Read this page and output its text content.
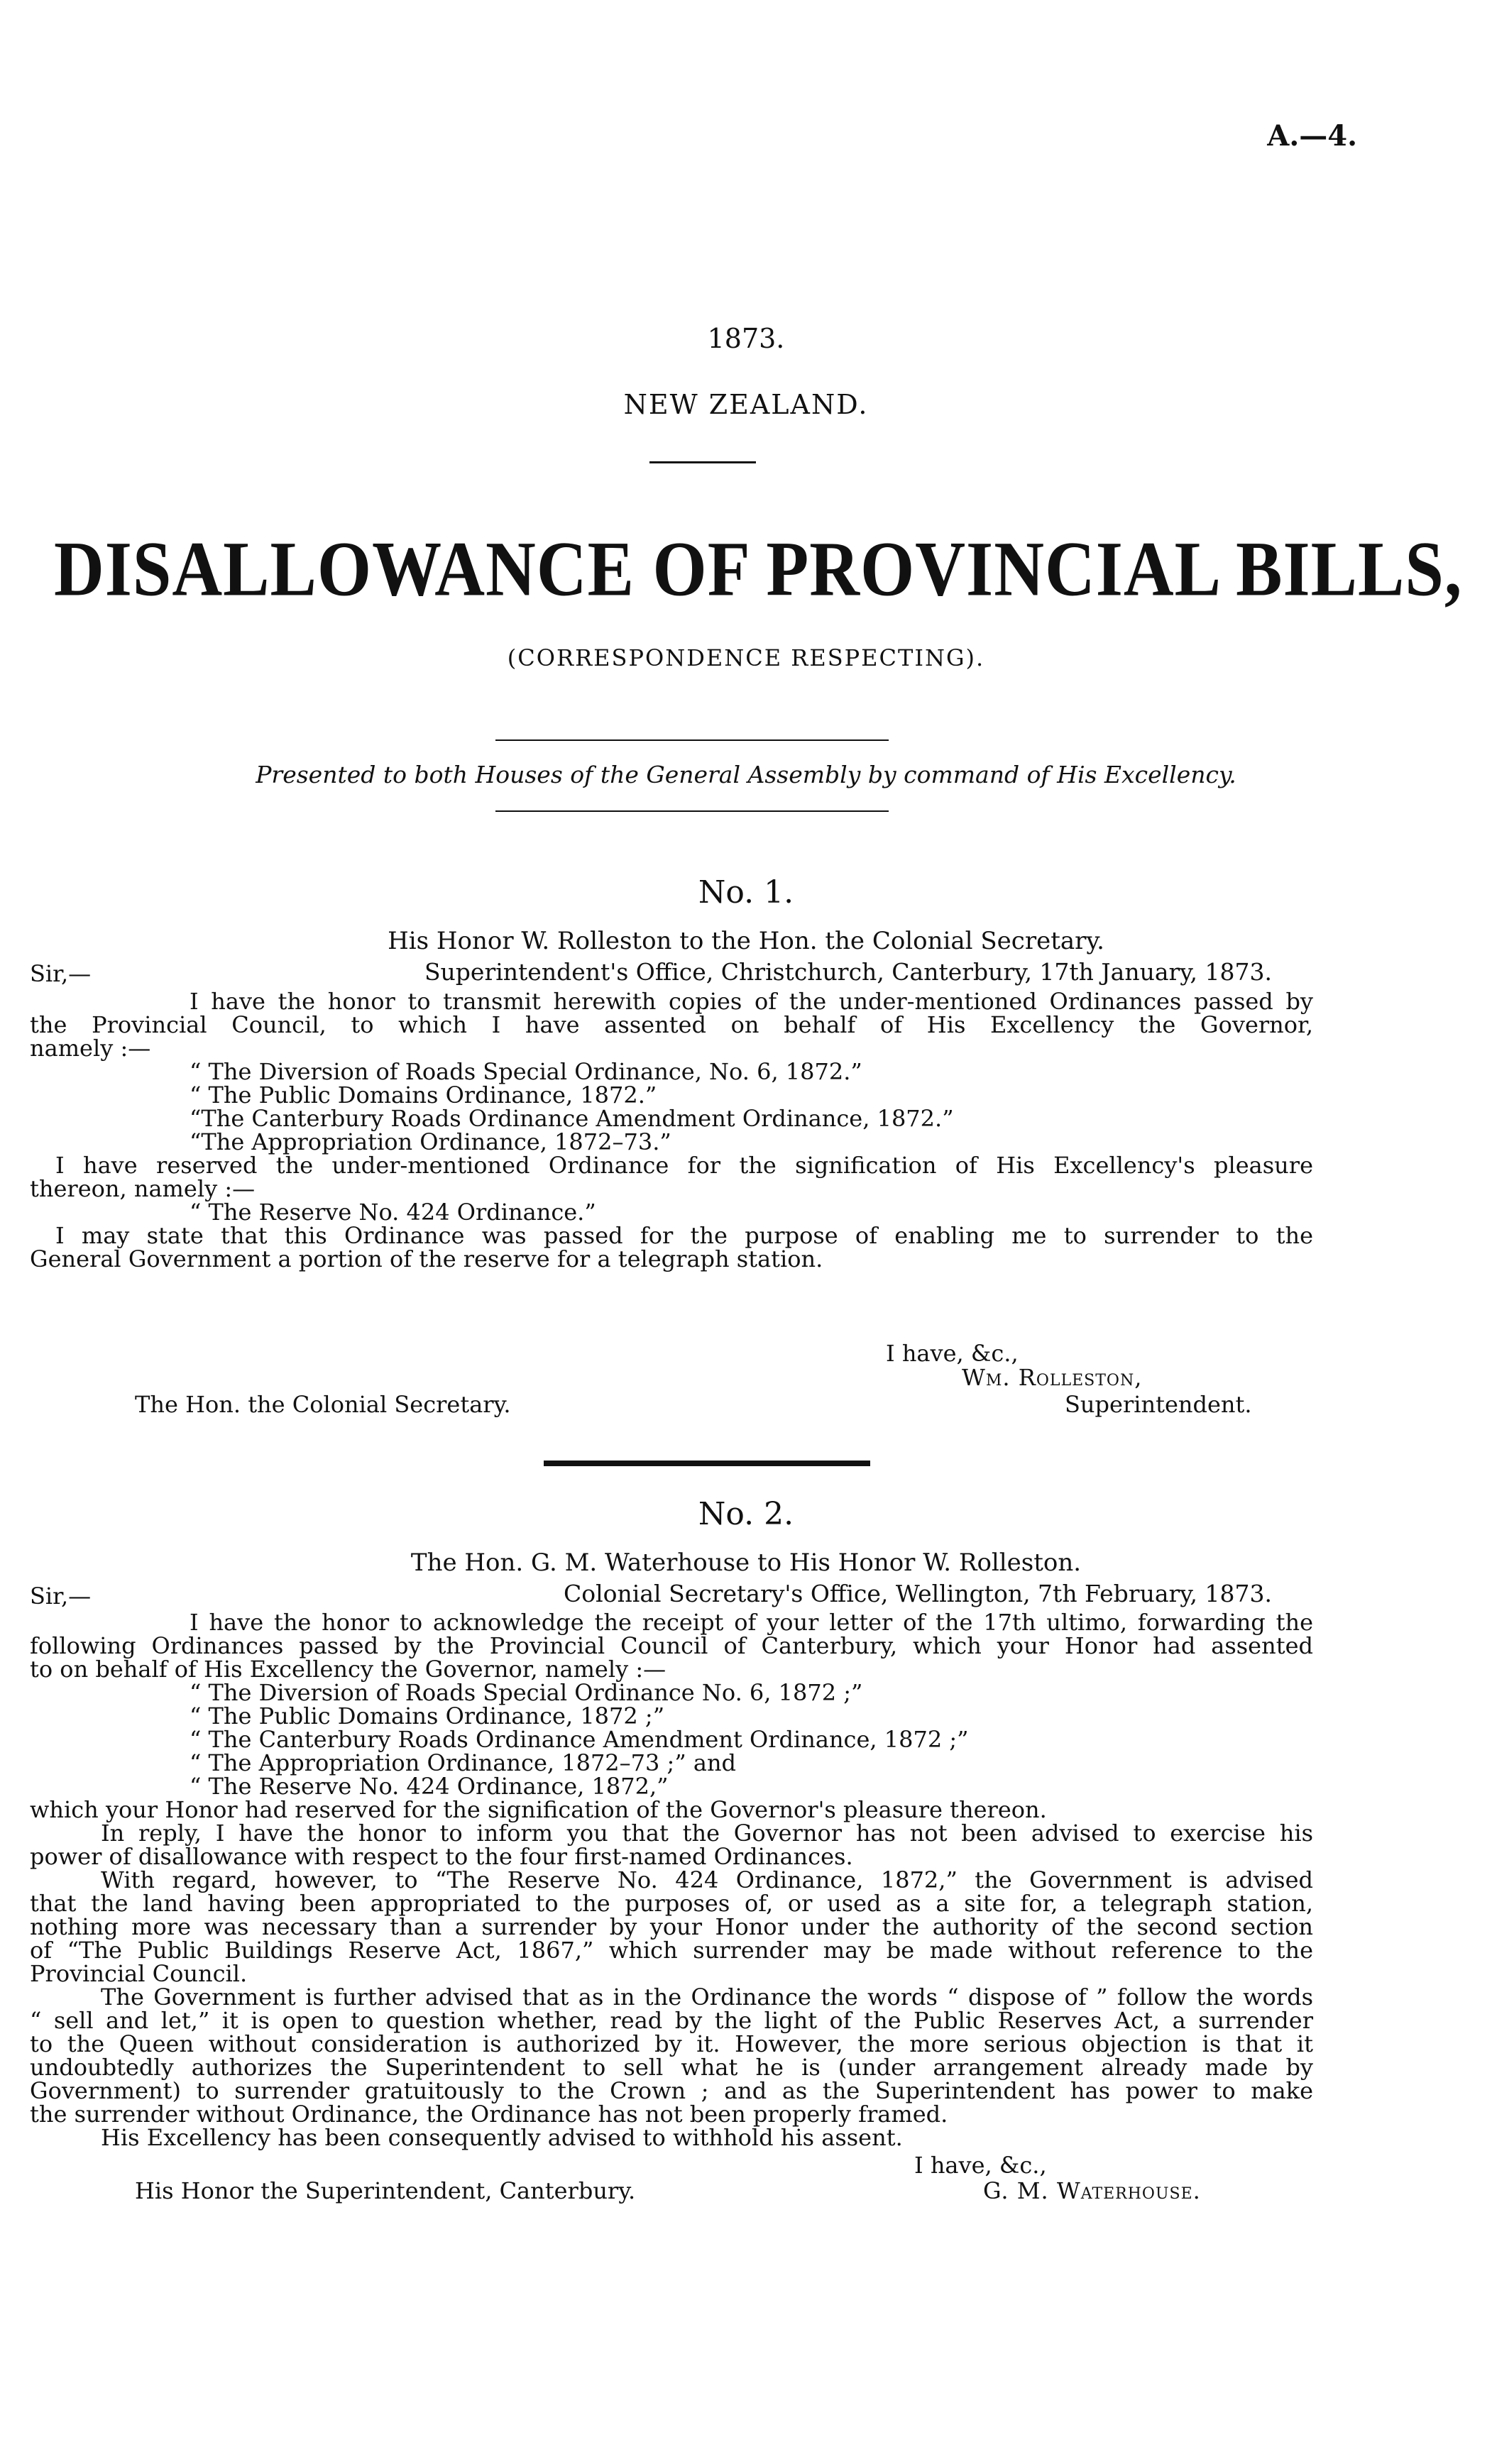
A.—4.
1873.
NEW ZEALAND.
DISALLOWANCE OF PROVINCIAL BILLS,
(CORRESPONDENCE RESPECTING).
Presented to both Houses of the General Assembly by command of His Excellency.
No. 1.
His Honor W. Rolleston to the Hon. the Colonial Secretary.
Sir,—	Superintendent's Office, Christchurch, Canterbury, 17th January, 1873.
I have the honor to transmit herewith copies of the under-mentioned Ordinances passed by
the Provincial Council, to which I have assented on behalf of His Excellency the Governor,
namely :—
“ The Diversion of Roads Special Ordinance, No. 6, 1872.”
“ The Public Domains Ordinance, 1872.”
“The Canterbury Roads Ordinance Amendment Ordinance, 1872.”
“The Appropriation Ordinance, 1872–73.”
I have reserved the under-mentioned Ordinance for the signification of His Excellency's pleasure
thereon, namely :—
“ The Reserve No. 424 Ordinance.”
I may state that this Ordinance was passed for the purpose of enabling me to surrender to the
General Government a portion of the reserve for a telegraph station.
I have, &c.,
Wm. Rolleston,
The Hon. the Colonial Secretary.	Superintendent.
No. 2.
The Hon. G. M. Waterhouse to His Honor W. Rolleston.
Sir,—	Colonial Secretary's Office, Wellington, 7th February, 1873.
I have the honor to acknowledge the receipt of your letter of the 17th ultimo, forwarding the
following Ordinances passed by the Provincial Council of Canterbury, which your Honor had assented
to on behalf of His Excellency the Governor, namely :—
“ The Diversion of Roads Special Ordinance No. 6, 1872 ;”
“ The Public Domains Ordinance, 1872 ;”
“ The Canterbury Roads Ordinance Amendment Ordinance, 1872 ;”
“ The Appropriation Ordinance, 1872–73 ;” and
“ The Reserve No. 424 Ordinance, 1872,”
which your Honor had reserved for the signification of the Governor's pleasure thereon.
In reply, I have the honor to inform you that the Governor has not been advised to exercise his
power of disallowance with respect to the four first-named Ordinances.
With regard, however, to “The Reserve No. 424 Ordinance, 1872,” the Government is advised
that the land having been appropriated to the purposes of, or used as a site for, a telegraph station,
nothing more was necessary than a surrender by your Honor under the authority of the second section
of “The Public Buildings Reserve Act, 1867,” which surrender may be made without reference to the
Provincial Council.
The Government is further advised that as in the Ordinance the words “ dispose of ” follow the words
“ sell and let,” it is open to question whether, read by the light of the Public Reserves Act, a surrender
to the Queen without consideration is authorized by it. However, the more serious objection is that it
undoubtedly authorizes the Superintendent to sell what he is (under arrangement already made by
Government) to surrender gratuitously to the Crown ; and as the Superintendent has power to make
the surrender without Ordinance, the Ordinance has not been properly framed.
His Excellency has been consequently advised to withhold his assent.
I have, &c.,
His Honor the Superintendent, Canterbury.	G. M. Waterhouse.
